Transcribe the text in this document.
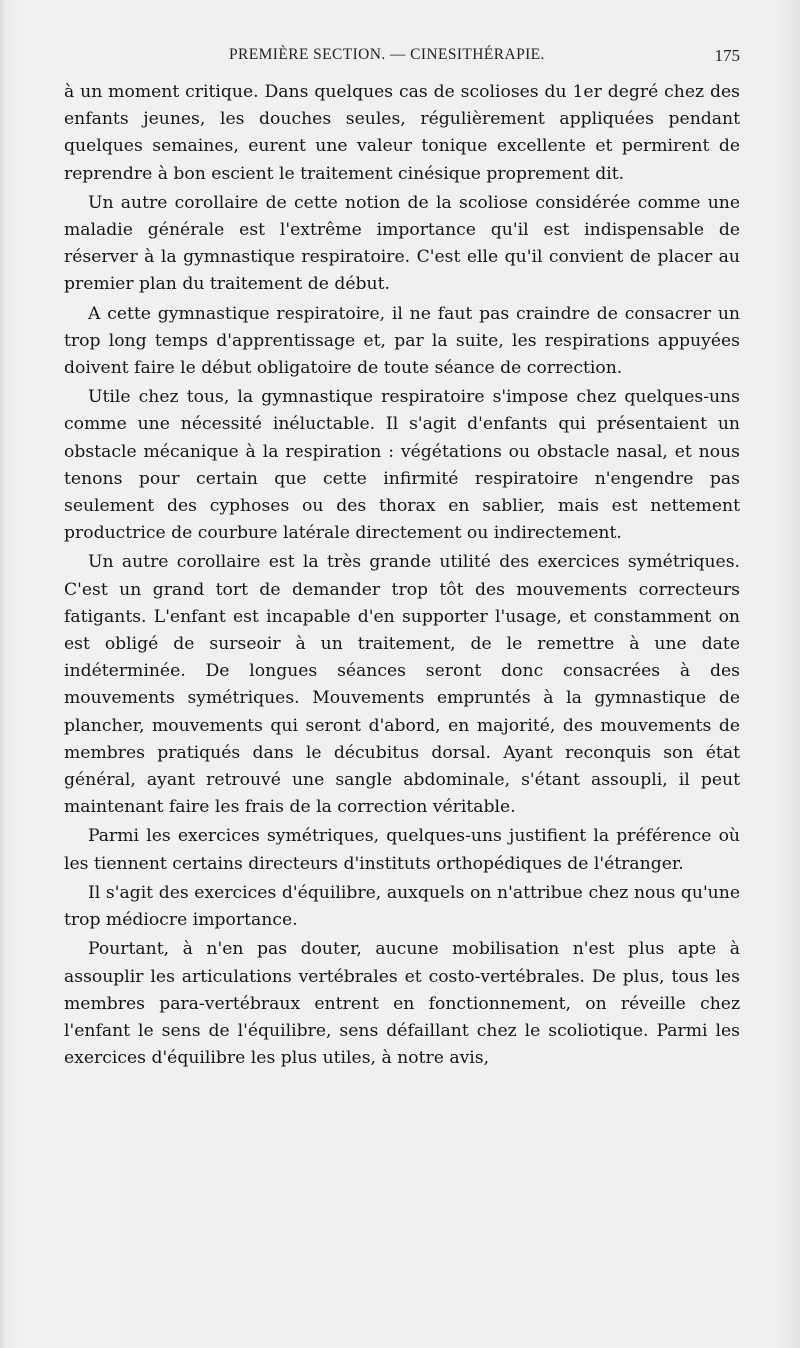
PREMIÈRE SECTION. — CINESITHÉRAPIE.	175

à un moment critique. Dans quelques cas de scolioses du 1er degré chez des enfants jeunes, les douches seules, régulièrement appliquées pendant quelques semaines, eurent une valeur tonique excellente et permirent de reprendre à bon escient le traitement cinésique proprement dit.

Un autre corollaire de cette notion de la scoliose considérée comme une maladie générale est l'extrême importance qu'il est indispensable de réserver à la gymnastique respiratoire. C'est elle qu'il convient de placer au premier plan du traitement de début.

A cette gymnastique respiratoire, il ne faut pas craindre de consacrer un trop long temps d'apprentissage et, par la suite, les respirations appuyées doivent faire le début obligatoire de toute séance de correction.

Utile chez tous, la gymnastique respiratoire s'impose chez quelques-uns comme une nécessité inéluctable. Il s'agit d'enfants qui présentaient un obstacle mécanique à la respiration : végétations ou obstacle nasal, et nous tenons pour certain que cette infirmité respiratoire n'engendre pas seulement des cyphoses ou des thorax en sablier, mais est nettement productrice de courbure latérale directement ou indirectement.

Un autre corollaire est la très grande utilité des exercices symétriques. C'est un grand tort de demander trop tôt des mouvements correcteurs fatigants. L'enfant est incapable d'en supporter l'usage, et constamment on est obligé de surseoir à un traitement, de le remettre à une date indéterminée. De longues séances seront donc consacrées à des mouvements symétriques. Mouvements empruntés à la gymnastique de plancher, mouvements qui seront d'abord, en majorité, des mouvements de membres pratiqués dans le décubitus dorsal. Ayant reconquis son état général, ayant retrouvé une sangle abdominale, s'étant assoupli, il peut maintenant faire les frais de la correction véritable.

Parmi les exercices symétriques, quelques-uns justifient la préférence où les tiennent certains directeurs d'instituts orthopédiques de l'étranger.

Il s'agit des exercices d'équilibre, auxquels on n'attribue chez nous qu'une trop médiocre importance.

Pourtant, à n'en pas douter, aucune mobilisation n'est plus apte à assouplir les articulations vertébrales et costo-vertébrales. De plus, tous les membres para-vertébraux entrent en fonctionnement, on réveille chez l'enfant le sens de l'équilibre, sens défaillant chez le scoliotique. Parmi les exercices d'équilibre les plus utiles, à notre avis,
